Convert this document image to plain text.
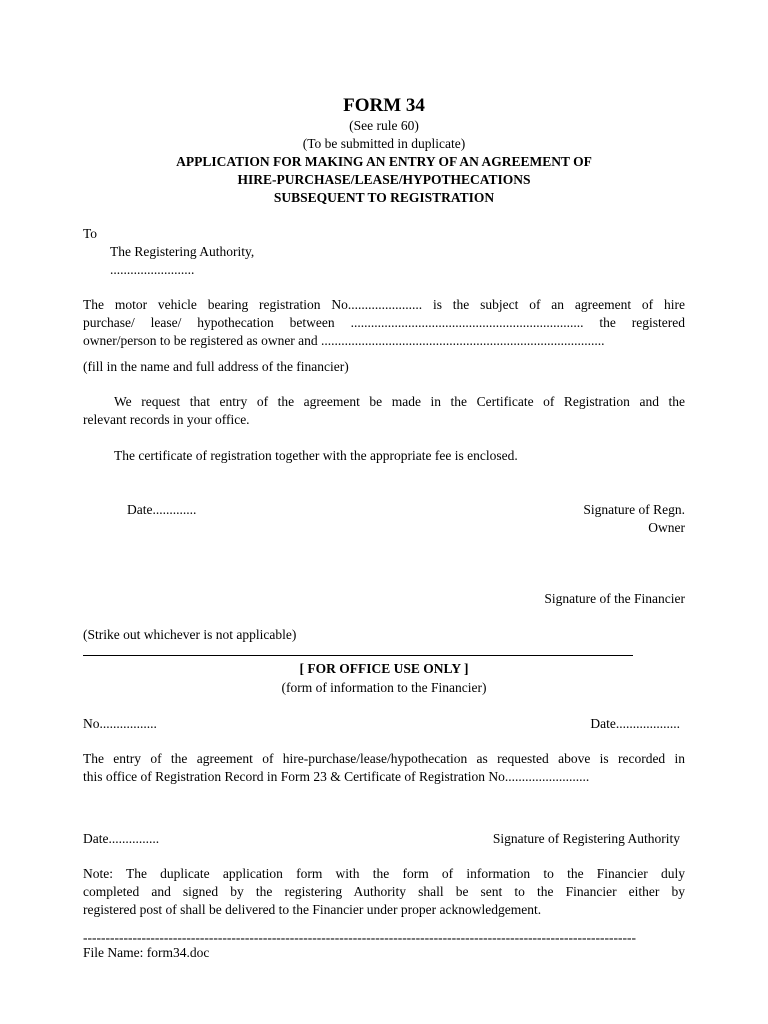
FORM 34
(See rule 60)
(To be submitted in duplicate)
APPLICATION FOR MAKING AN ENTRY OF AN AGREEMENT OF
HIRE-PURCHASE/LEASE/HYPOTHECATIONS
SUBSEQUENT TO REGISTRATION
To
The Registering Authority,
.........................
The motor vehicle bearing registration No...................... is the subject of an agreement of hire
purchase/ lease/ hypothecation between ..................................................................... the registered
owner/person to be registered as owner and ....................................................................................
(fill in the name and full address of the financier)
We request that entry of the agreement be made in the Certificate of Registration and the
relevant records in your office.
The certificate of registration together with the appropriate fee is enclosed.
Date.............	Signature of Regn.
Owner
Signature of the Financier
(Strike out whichever is not applicable)
[ FOR OFFICE USE ONLY ]
(form of information to the Financier)
No.................	Date...................
The entry of the agreement of hire-purchase/lease/hypothecation as requested above is recorded in
this office of Registration Record in Form 23 & Certificate of Registration No.........................
Date...............	Signature of Registering Authority
Note: The duplicate application form with the form of information to the Financier duly
completed and signed by the registering Authority shall be sent to the Financier either by
registered post of shall be delivered to the Financier under proper acknowledgement.
---------------------------------------------------------------------------------------------------------------------------
File Name: form34.doc
